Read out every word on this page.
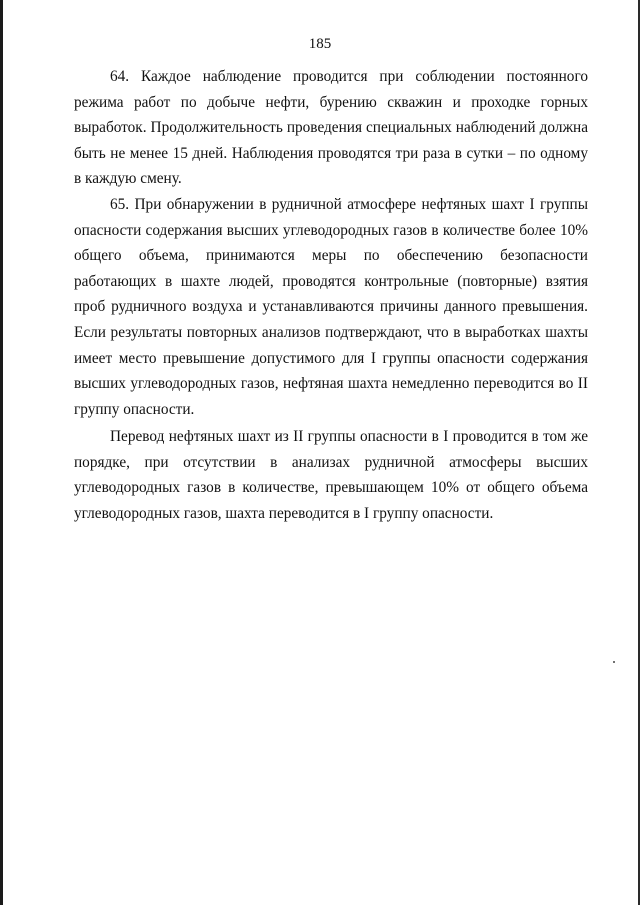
185

64. Каждое наблюдение проводится при соблюдении постоянного режима работ по добыче нефти, бурению скважин и проходке горных выработок. Продолжительность проведения специальных наблюдений должна быть не менее 15 дней. Наблюдения проводятся три раза в сутки – по одному в каждую смену.

65. При обнаружении в рудничной атмосфере нефтяных шахт I группы опасности содержания высших углеводородных газов в количестве более 10% общего объема, принимаются меры по обеспечению безопасности работающих в шахте людей, проводятся контрольные (повторные) взятия проб рудничного воздуха и устанавливаются причины данного превышения. Если результаты повторных анализов подтверждают, что в выработках шахты имеет место превышение допустимого для I группы опасности содержания высших углеводородных газов, нефтяная шахта немедленно переводится во II группу опасности.

Перевод нефтяных шахт из II группы опасности в I проводится в том же порядке, при отсутствии в анализах рудничной атмосферы высших углеводородных газов в количестве, превышающем 10% от общего объема углеводородных газов, шахта переводится в I группу опасности.
